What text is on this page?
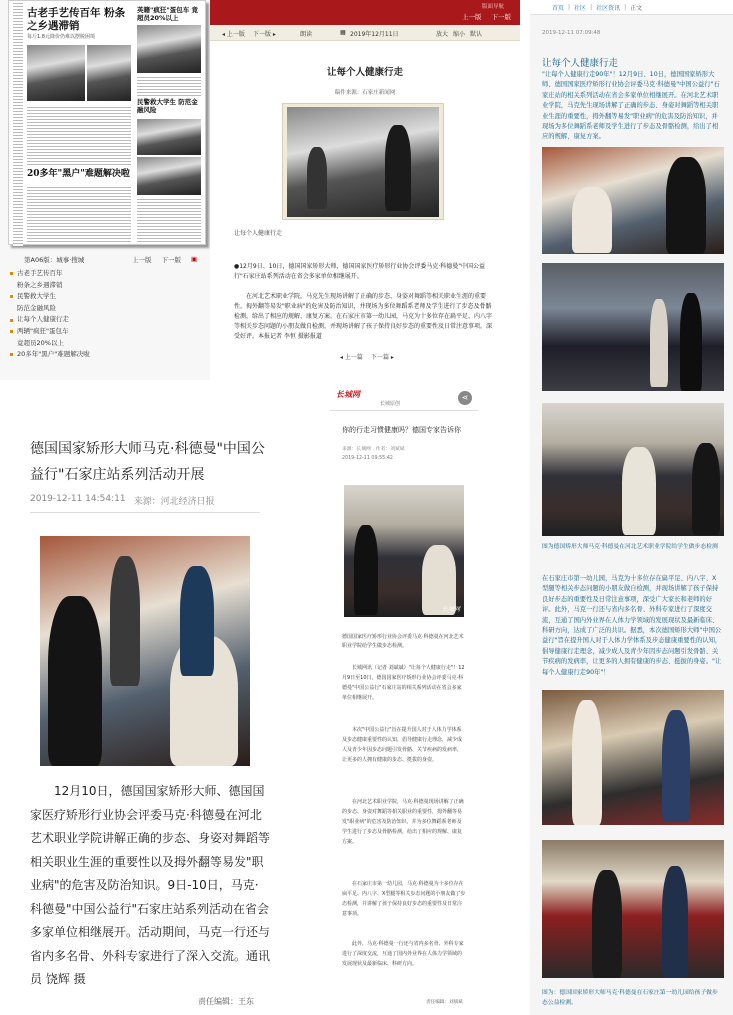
古老手艺传百年 粉条之乡遇滞销
每斤1.8元降价仍难以摆脱困境
20多年"黑户"难题解决啦
英籍"疯狂"蛋包车 竟超员20%以上
民警救大学生 防范金融风险
第A06版：城事·搜城	上一版 下一版 ▣
古老手艺传百年
粉条之乡遇滞销
民警救大学生
防范金融风险
让每个人健康行走
两辆"疯狂"蛋包车
竟超员20%以上
20多年"黑户"难题解决啦
版面导航
上一版 下一版
◂ 上一版 下一版 ▸	朗读	▦ 2019年12月11日	放大 缩小 默认
让每个人健康行走
稿件来源：石家庄新闻网
让每个人健康行走
●12月9日、10日，德国国家矫形大师、德国国家医疗矫形行业协会评委马克·科德曼"中国公益行"石家庄站系列活动在省会多家单位相继展开。
在河北艺术职业学院，马克先生现场讲解了正确的步态、身姿对舞蹈等相关职业生涯的重要性，拇外翻等易发"职业病"的危害及防治知识，并现场为多位舞蹈系老师及学生进行了步态及骨骼检测，给出了相应的规解、康复方案。在石家庄市第一幼儿园，马克为十多位存在扁平足、内八字等相关步态问题的小朋友做自检测，并现场讲解了孩子保持良好步态的重要性及日常注意事项。深受好评。本报记者 李恒 摄影报道
◂ 上一篇 下一篇 ▸
德国国家矫形大师马克·科德曼"中国公益行"石家庄站系列活动开展
2019-12-11 14:54:11 来源：河北经济日报
12月10日，德国国家矫形大师、德国国家医疗矫形行业协会评委马克·科德曼在河北艺术职业学院讲解正确的步态、身姿对舞蹈等相关职业生涯的重要性以及拇外翻等易发"职业病"的危害及防治知识。9日-10日，马克·科德曼"中国公益行"石家庄站系列活动在省会多家单位相继展开。活动期间，马克一行还与省内多名骨、外科专家进行了深入交流。通讯员 饶辉 摄
责任编辑：王东
长城网
长城原创
⋖
你的行走习惯健康吗？德国专家告诉你
来源：长城网 作者：刘斌斌
2019-12-11 09:55:42
长城网
德国国家医疗矫形行业协会评委马克·科德曼在河北艺术职业学院给学生做步态检测。
长城网讯（记者 刘斌斌）"让每个人健康行走"！12月9日至10日，德国国家医疗矫形行业协会评委马克·科德曼"中国公益行"石家庄站的相关系列活动在省会多家单位相继展开。
本次"中国公益行"旨在提升国人对于人体力学体系及步态健康重要性的认知，倡导健康行走理念，减少成人及青少年因步态问题引发骨骼、关节疾病的发病率，让更多的人拥有健康的步态、挺拔的身姿。
在河北艺术职业学院，马克·科德曼现场讲解了正确的步态、身姿对舞蹈等相关职业的重要性，拇外翻等易发"职业病"的危害及防治知识，并为多位舞蹈系老师及学生进行了步态及骨骼检测，给出了相应的规解、康复方案。
在石家庄市第一幼儿园，马克·科德曼为十多位存在扁平足、内八字、X型腿等相关步态问题的小朋友做了步态检测，并讲解了孩子保持良好步态的重要性及日常注意事项。
此外，马克·科德曼一行还与省内多名骨、外科专家进行了深度交流，互通了国内外业界在人体力学领域的发展现状及最新临床、科研方向。
责任编辑：刘斌斌
首页 | 社区 | 社区资讯 | 正文
2019-12-11 07:09:48
让每个人健康行走
"让每个人健康行走90年"！12月9日、10日，德国国家矫形大师、德国国家医疗矫形行业协会评委马克·科德曼"中国公益行"石家庄站的相关系列活动在省会多家单位相继展开。在河北艺术职业学院，马克先生现场讲解了正确的步态、身姿对舞蹈等相关职业生涯的重要性，拇外翻等易发"职业病"的危害及防治知识，并现场为多位舞蹈系老师及学生进行了步态及骨骼检测，给出了相应的规解、康复方案。
图为德国矫形大师马克·科德曼在河北艺术职业学院给学生做步态检测
在石家庄市第一幼儿园，马克为十多位存在扁平足、内八字、X型腿等相关步态问题的小朋友做自检测，并现场讲解了孩子保持良好步态的重要性及日常注意事项，深受广大家长和老师的好评。此外，马克一行还与省内多名骨、外科专家进行了深度交流，互通了国内外业界在人体力学领域的发展现状及最新临床、科研方向，达成了广泛的共识。据悉，本次德国矫形大师"中国公益行"旨在提升国人对于人体力学体系及步态健康重要性的认知，倡导健康行走理念，减少成人及青少年因步态问题引发骨骼、关节疾病的发病率，让更多的人拥有健康的步态、挺拔的身姿。"让每个人健康行走90年"！
图为：德国国家矫形大师马克·科德曼在石家庄第一幼儿园给孩子做步态公益检测。
